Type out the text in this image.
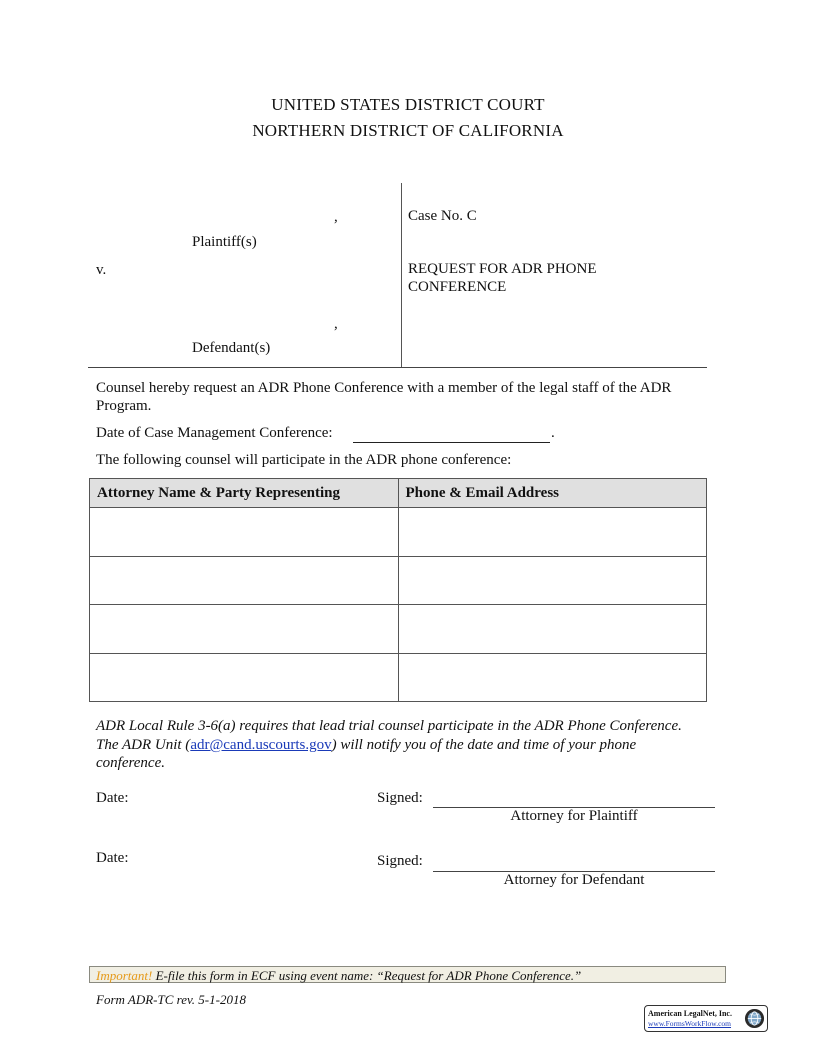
UNITED STATES DISTRICT COURT
NORTHERN DISTRICT OF CALIFORNIA
,
Plaintiff(s)
v.
,
Defendant(s)
Case No. C
REQUEST FOR ADR PHONE
CONFERENCE
Counsel hereby request an ADR Phone Conference with a member of the legal staff of the ADR
Program.
Date of Case Management Conference:	.
The following counsel will participate in the ADR phone conference:
Attorney Name & Party Representing	Phone & Email Address

ADR Local Rule 3-6(a) requires that lead trial counsel participate in the ADR Phone Conference.
The ADR Unit (adr@cand.uscourts.gov) will notify you of the date and time of your phone
conference.
Date:	Signed:
Attorney for Plaintiff
Date:	Signed:
Attorney for Defendant
Important! E-file this form in ECF using event name: “Request for ADR Phone Conference.”
Form ADR-TC rev. 5-1-2018
American LegalNet, Inc.
www.FormsWorkFlow.com
